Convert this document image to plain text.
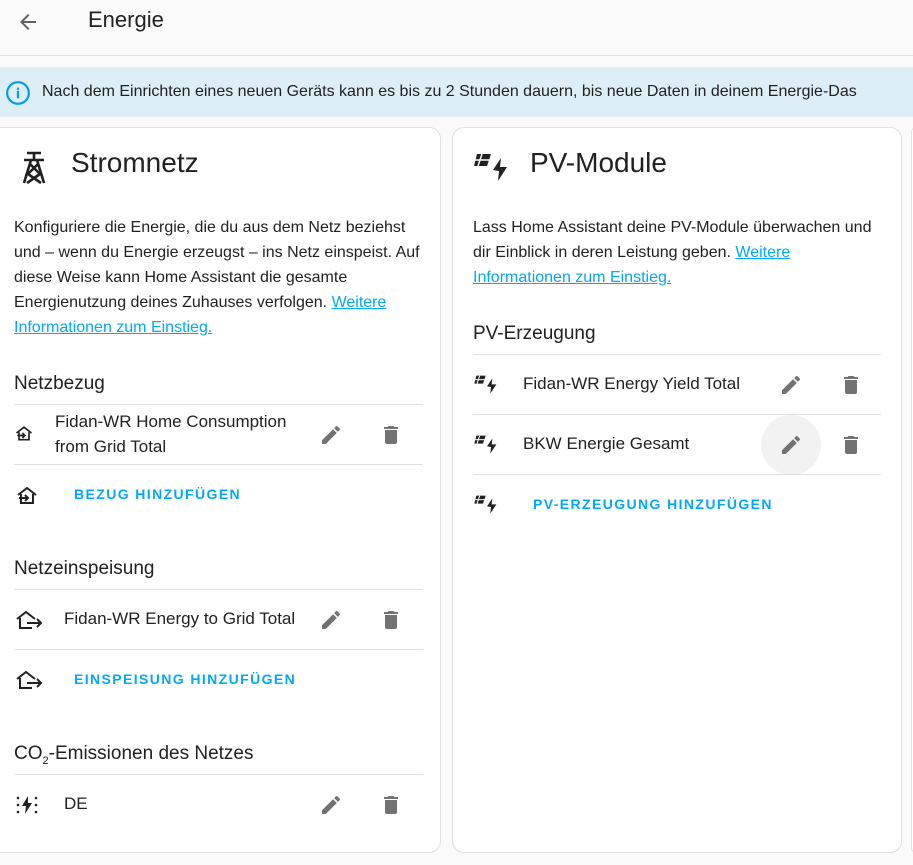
Energie
Nach dem Einrichten eines neuen Geräts kann es bis zu 2 Stunden dauern, bis neue Daten in deinem Energie-Das
Stromnetz
Konfiguriere die Energie, die du aus dem Netz beziehst und – wenn du Energie erzeugst – ins Netz einspeist. Auf diese Weise kann Home Assistant die gesamte Energienutzung deines Zuhauses verfolgen. Weitere Informationen zum Einstieg.
Netzbezug
Fidan-WR Home Consumption from Grid Total
BEZUG HINZUFÜGEN
Netzeinspeisung
Fidan-WR Energy to Grid Total
EINSPEISUNG HINZUFÜGEN
$CO_2$-Emissionen des Netzes
DE
PV-Module
Lass Home Assistant deine PV-Module überwachen und dir Einblick in deren Leistung geben. Weitere Informationen zum Einstieg.
PV-Erzeugung
Fidan-WR Energy Yield Total
BKW Energie Gesamt
PV-ERZEUGUNG HINZUFÜGEN
